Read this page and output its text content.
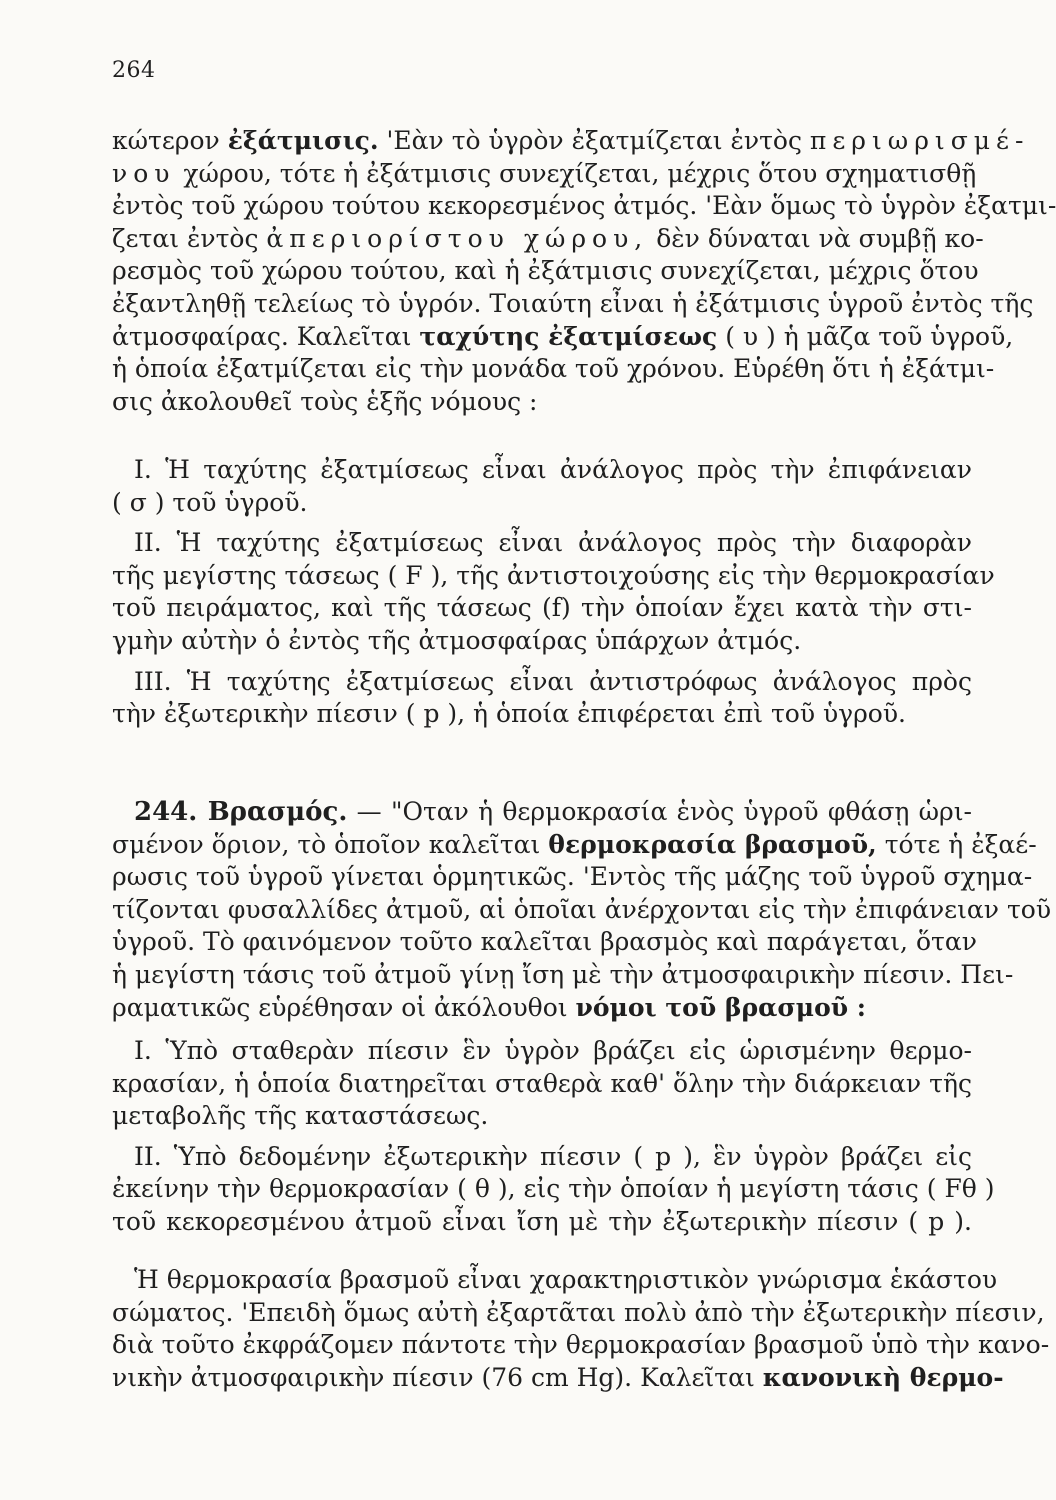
264
κώτερον ἐξάτμισις. 'Εὰν τὸ ὑγρὸν ἐξατμίζεται ἐντὸς περιωρισμέ-
νου χώρου, τότε ἡ ἐξάτμισις συνεχίζεται, μέχρις ὅτου σχηματισθῇ
ἐντὸς τοῦ χώρου τούτου κεκορεσμένος ἀτμός. 'Εὰν ὅμως τὸ ὑγρὸν ἐξατμι-
ζεται ἐντὸς ἀπεριορίστου χώρου, δὲν δύναται νὰ συμβῇ κο-
ρεσμὸς τοῦ χώρου τούτου, καὶ ἡ ἐξάτμισις συνεχίζεται, μέχρις ὅτου
ἐξαντληθῇ τελείως τὸ ὑγρόν. Τοιαύτη εἶναι ἡ ἐξάτμισις ὑγροῦ ἐντὸς τῆς
ἀτμοσφαίρας. Καλεῖται ταχύτης ἐξατμίσεως ( υ ) ἡ μᾶζα τοῦ ὑγροῦ,
ἡ ὁποία ἐξατμίζεται εἰς τὴν μονάδα τοῦ χρόνου. Εὑρέθη ὅτι ἡ ἐξάτμι-
σις ἀκολουθεῖ τοὺς ἑξῆς νόμους :
I. Ἡ ταχύτης ἐξατμίσεως εἶναι ἀνάλογος πρὸς τὴν ἐπιφάνειαν
( σ ) τοῦ ὑγροῦ.
II. Ἡ ταχύτης ἐξατμίσεως εἶναι ἀνάλογος πρὸς τὴν διαφορὰν
τῆς μεγίστης τάσεως ( F ), τῆς ἀντιστοιχούσης εἰς τὴν θερμοκρασίαν
τοῦ πειράματος, καὶ τῆς τάσεως (f) τὴν ὁποίαν ἔχει κατὰ τὴν στι-
γμὴν αὐτὴν ὁ ἐντὸς τῆς ἀτμοσφαίρας ὑπάρχων ἀτμός.
III. Ἡ ταχύτης ἐξατμίσεως εἶναι ἀντιστρόφως ἀνάλογος πρὸς
τὴν ἐξωτερικὴν πίεσιν ( p ), ἡ ὁποία ἐπιφέρεται ἐπὶ τοῦ ὑγροῦ.
244. Βρασμός. — "Οταν ἡ θερμοκρασία ἑνὸς ὑγροῦ φθάσῃ ὡρι-
σμένον ὅριον, τὸ ὁποῖον καλεῖται θερμοκρασία βρασμοῦ, τότε ἡ ἐξαέ-
ρωσις τοῦ ὑγροῦ γίνεται ὁρμητικῶς. 'Εντὸς τῆς μάζης τοῦ ὑγροῦ σχημα-
τίζονται φυσαλλίδες ἀτμοῦ, αἱ ὁποῖαι ἀνέρχονται εἰς τὴν ἐπιφάνειαν τοῦ
ὑγροῦ. Τὸ φαινόμενον τοῦτο καλεῖται βρασμὸς καὶ παράγεται, ὅταν
ἡ μεγίστη τάσις τοῦ ἀτμοῦ γίνῃ ἴση μὲ τὴν ἀτμοσφαιρικὴν πίεσιν. Πει-
ραματικῶς εὑρέθησαν οἱ ἀκόλουθοι νόμοι τοῦ βρασμοῦ :
I. Ὑπὸ σταθερὰν πίεσιν ἓν ὑγρὸν βράζει εἰς ὡρισμένην θερμο-
κρασίαν, ἡ ὁποία διατηρεῖται σταθερὰ καθ' ὅλην τὴν διάρκειαν τῆς
μεταβολῆς τῆς καταστάσεως.
II. Ὑπὸ δεδομένην ἐξωτερικὴν πίεσιν ( p ), ἓν ὑγρὸν βράζει εἰς
ἐκείνην τὴν θερμοκρασίαν ( θ ), εἰς τὴν ὁποίαν ἡ μεγίστη τάσις ( Fθ )
τοῦ κεκορεσμένου ἀτμοῦ εἶναι ἴση μὲ τὴν ἐξωτερικὴν πίεσιν ( p ).
Ἡ θερμοκρασία βρασμοῦ εἶναι χαρακτηριστικὸν γνώρισμα ἑκάστου
σώματος. 'Επειδὴ ὅμως αὐτὴ ἐξαρτᾶται πολὺ ἀπὸ τὴν ἐξωτερικὴν πίεσιν,
διὰ τοῦτο ἐκφράζομεν πάντοτε τὴν θερμοκρασίαν βρασμοῦ ὑπὸ τὴν κανο-
νικὴν ἀτμοσφαιρικὴν πίεσιν (76 cm Hg). Καλεῖται κανονικὴ θερμο-
